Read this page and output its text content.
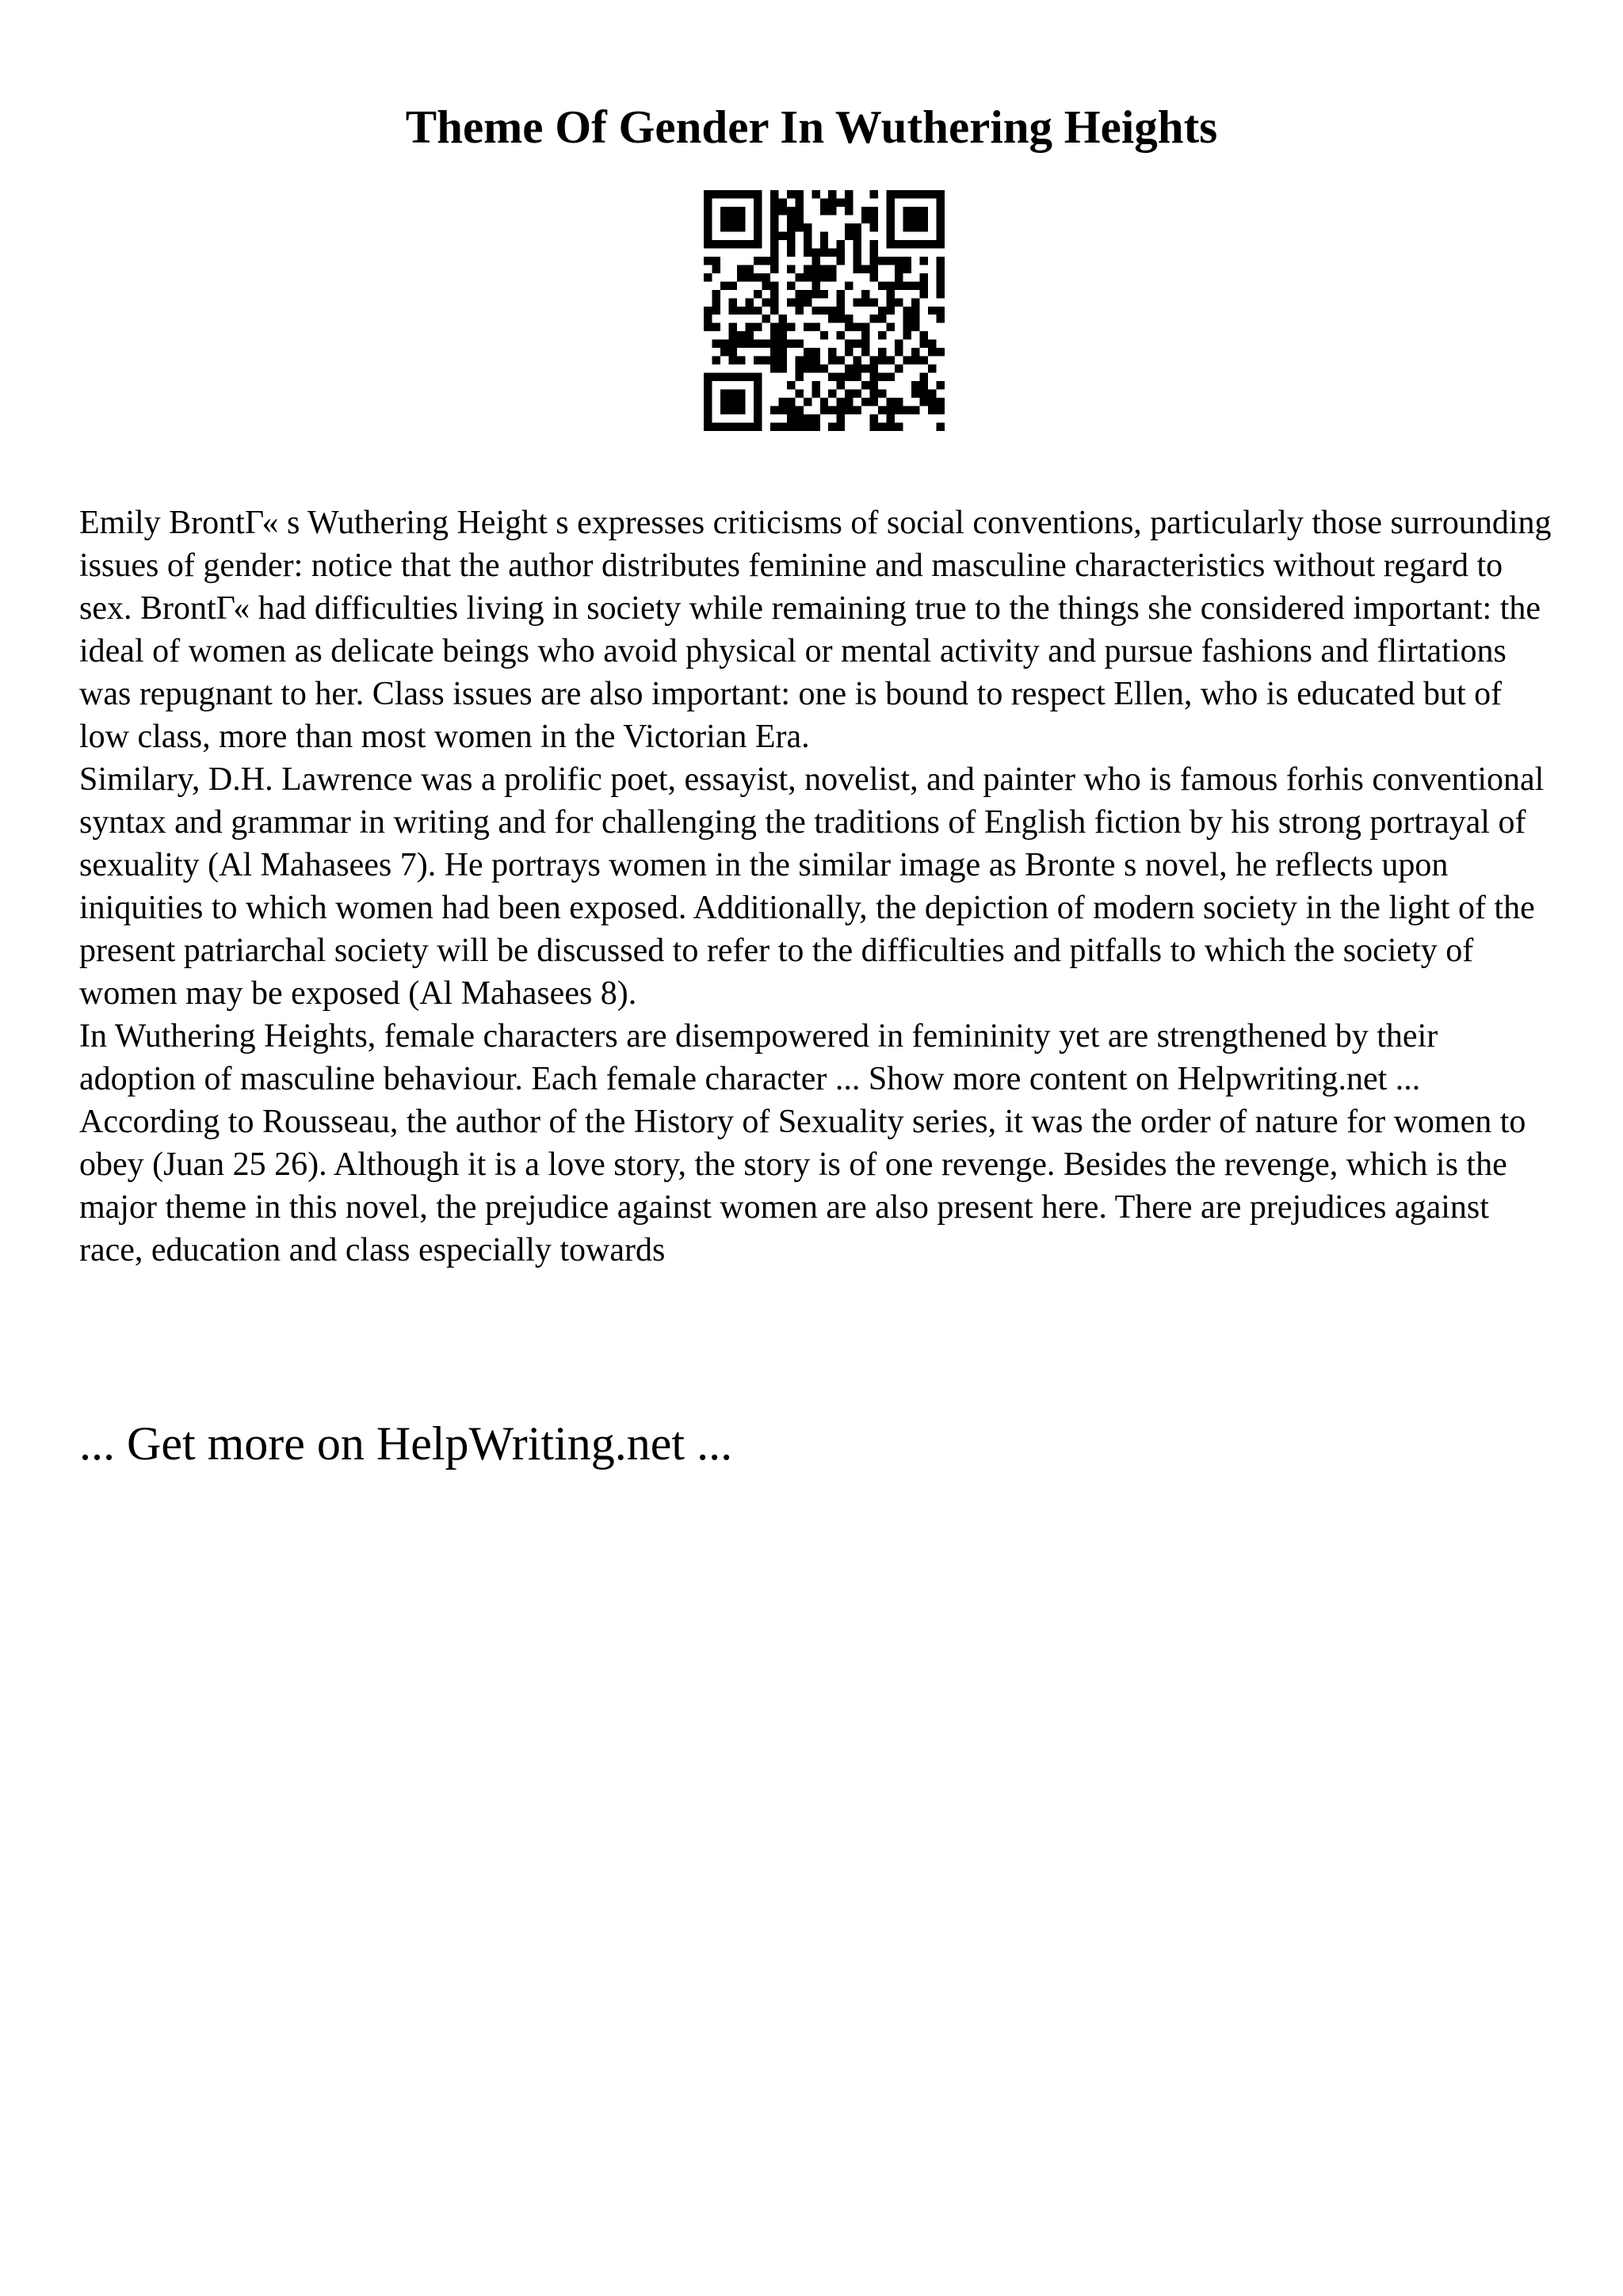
Theme Of Gender In Wuthering Heights

Emily BrontГ« s Wuthering Height s expresses criticisms of social conventions, particularly those surrounding issues of gender: notice that the author distributes feminine and masculine characteristics without regard to sex. BrontГ« had difficulties living in society while remaining true to the things she considered important: the ideal of women as delicate beings who avoid physical or mental activity and pursue fashions and flirtations was repugnant to her. Class issues are also important: one is bound to respect Ellen, who is educated but of low class, more than most women in the Victorian Era.

Similary, D.H. Lawrence was a prolific poet, essayist, novelist, and painter who is famous forhis conventional syntax and grammar in writing and for challenging the traditions of English fiction by his strong portrayal of sexuality (Al Mahasees 7). He portrays women in the similar image as Bronte s novel, he reflects upon iniquities to which women had been exposed. Additionally, the depiction of modern society in the light of the present patriarchal society will be discussed to refer to the difficulties and pitfalls to which the society of women may be exposed (Al Mahasees 8).

In Wuthering Heights, female characters are disempowered in femininity yet are strengthened by their adoption of masculine behaviour. Each female character ... Show more content on Helpwriting.net ...

According to Rousseau, the author of the History of Sexuality series, it was the order of nature for women to obey (Juan 25 26). Although it is a love story, the story is of one revenge. Besides the revenge, which is the major theme in this novel, the prejudice against women are also present here. There are prejudices against race, education and class especially towards

... Get more on HelpWriting.net ...
